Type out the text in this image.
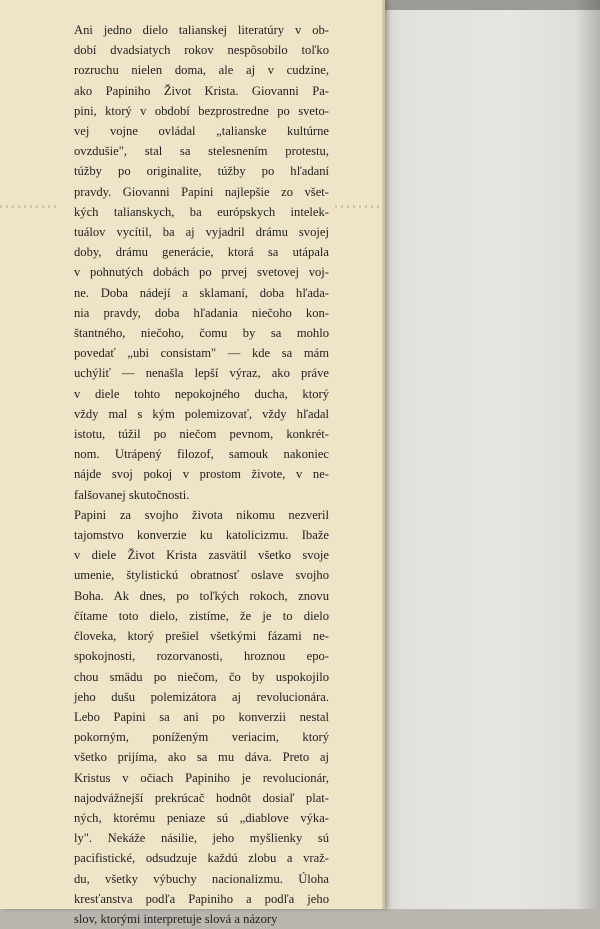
Ani jedno dielo talianskej literatúry v ob-
dobí dvadsiatych rokov nespôsobilo toľko
rozruchu nielen doma, ale aj v cudzine,
ako Papiniho Život Krista. Giovanni Pa-
pini, ktorý v období bezprostredne po sveto-
vej vojne ovládal „talianske kultúrne
ovzdušie", stal sa stelesnením protestu,
túžby po originalite, túžby po hľadaní
pravdy. Giovanni Papini najlepšie zo všet-
kých talianskych, ba európskych intelek-
tuálov vycítil, ba aj vyjadril drámu svojej
doby, drámu generácie, ktorá sa utápala
v pohnutých dobách po prvej svetovej voj-
ne. Doba nádejí a sklamaní, doba hľada-
nia pravdy, doba hľadania niečoho kon-
štantného, niečoho, čomu by sa mohlo
povedať „ubi consistam" — kde sa mám
uchýliť — nenašla lepší výraz, ako práve
v diele tohto nepokojného ducha, ktorý
vždy mal s kým polemizovať, vždy hľadal
istotu, túžil po niečom pevnom, konkrét-
nom. Utrápený filozof, samouk nakoniec
nájde svoj pokoj v prostom živote, v ne-
falšovanej skutočnosti.

Papini za svojho života nikomu nezveril
tajomstvo konverzie ku katolicizmu. Ibaže
v diele Život Krista zasvätil všetko svoje
umenie, štylistickú obratnosť oslave svojho
Boha. Ak dnes, po toľkých rokoch, znovu
čítame toto dielo, zistíme, že je to dielo
človeka, ktorý prešiel všetkými fázami ne-
spokojnosti, rozorvanosti, hroznou epo-
chou smädu po niečom, čo by uspokojilo
jeho dušu polemizátora aj revolucionára.
Lebo Papini sa ani po konverzii nestal
pokorným, poníženým veriacim, ktorý
všetko prijíma, ako sa mu dáva. Preto aj
Kristus v očiach Papiniho je revolucionár,
najodvážnejší prekrúcač hodnôt dosiaľ plat-
ných, ktorému peniaze sú „diablove výka-
ly". Nekáže násilie, jeho myšlienky sú
pacifistické, odsudzuje každú zlobu a vraž-
du, všetky výbuchy nacionalizmu. Úloha
kresťanstva podľa Papiniho a podľa jeho
slov, ktorými interpretuje slová a názory
